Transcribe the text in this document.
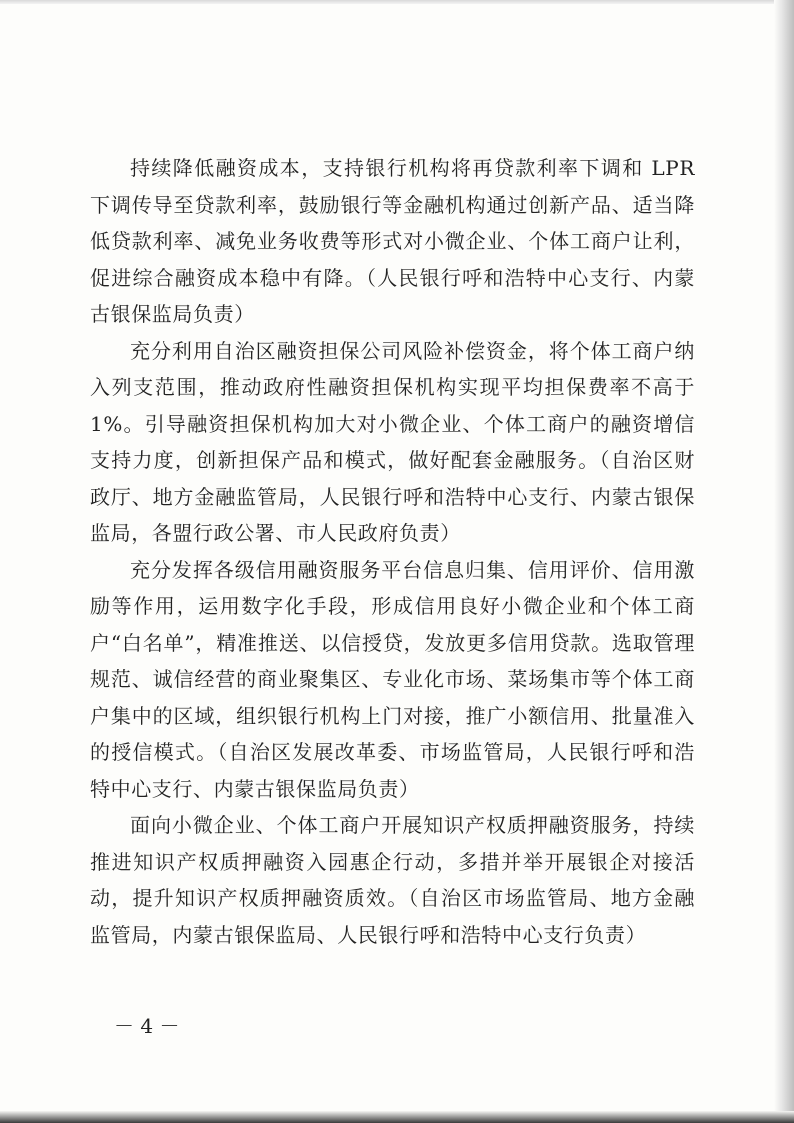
持续降低融资成本，支持银行机构将再贷款利率下调和 LPR 下调传导至贷款利率，鼓励银行等金融机构通过创新产品、适当降低贷款利率、减免业务收费等形式对小微企业、个体工商户让利，促进综合融资成本稳中有降。（人民银行呼和浩特中心支行、内蒙古银保监局负责）

充分利用自治区融资担保公司风险补偿资金，将个体工商户纳入列支范围，推动政府性融资担保机构实现平均担保费率不高于 1%。引导融资担保机构加大对小微企业、个体工商户的融资增信支持力度，创新担保产品和模式，做好配套金融服务。（自治区财政厅、地方金融监管局，人民银行呼和浩特中心支行、内蒙古银保监局，各盟行政公署、市人民政府负责）

充分发挥各级信用融资服务平台信息归集、信用评价、信用激励等作用，运用数字化手段，形成信用良好小微企业和个体工商户“白名单”，精准推送、以信授贷，发放更多信用贷款。选取管理规范、诚信经营的商业聚集区、专业化市场、菜场集市等个体工商户集中的区域，组织银行机构上门对接，推广小额信用、批量准入的授信模式。（自治区发展改革委、市场监管局，人民银行呼和浩特中心支行、内蒙古银保监局负责）

面向小微企业、个体工商户开展知识产权质押融资服务，持续推进知识产权质押融资入园惠企行动，多措并举开展银企对接活动，提升知识产权质押融资质效。（自治区市场监管局、地方金融监管局，内蒙古银保监局、人民银行呼和浩特中心支行负责）

－ 4 －
